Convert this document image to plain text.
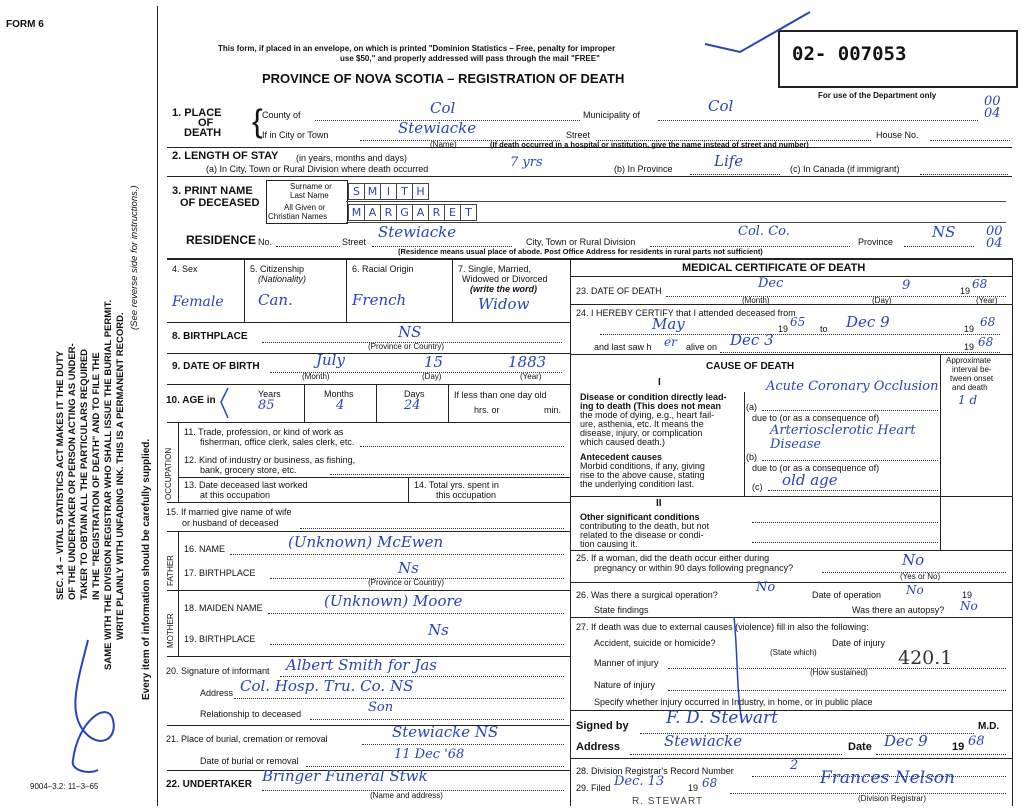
FORM 6
This form, if placed in an envelope, on which is printed "Dominion Statistics – Free, penalty for improper
use $50," and properly addressed will pass through the mail "FREE"
PROVINCE OF NOVA SCOTIA – REGISTRATION OF DEATH
02- 007053
For use of the Department only	00 04
SEC. 14 – VITAL STATISTICS ACT MAKES IT THE DUTY OF THE UNDERTAKER OR PERSON ACTING AS UNDER- TAKER TO OBTAIN ALL THE PARTICULARS REQUIRED IN THE "REGISTRATION OF DEATH" AND TO FILE THE SAME WITH THE DIVISION REGISTRAR WHO SHALL ISSUE THE BURIAL PERMIT. WRITE PLAINLY WITH UNFADING INK. THIS IS A PERMANENT RECORD.
(See reverse side for instructions.)
Every item of information should be carefully supplied.
9004–3.2: 11–3–65
1. PLACE
OF
DEATH { County of	Col	Municipality of	Col
If in City or Town	Stewiacke
(Name)
Street	House No.
(If death occurred in a hospital or institution, give the name instead of street and number)
2. LENGTH OF STAY (in years, months and days)
(a) In City, Town or Rural Division where death occurred	7 yrs	(b) In Province	Life	(c) In Canada (if immigrant)
3. PRINT NAME
OF DECEASED
Surname or
Last Name
All Given or
Christian Names
S M I	T H
M A R G A R E T
RESIDENCE No.	Street
Stewiacke
City, Town or Rural Division
Col. Co.
Province
NS 00 04
(Residence means usual place of abode. Post Office Address for residents in rural parts not sufficient)
4. Sex
Female
5. Citizenship
(Nationality)
Can.
6. Racial Origin
French
7. Single, Married,
Widowed or Divorced
(write the word)
Widow
8. BIRTHPLACE	NS
(Province or Country)
9. DATE OF BIRTH	July	15	1883
(Month)	(Day)	(Year)
10. AGE in
Years	Months	Days
85	4	24
If less than one day old
hrs. or	min.
OCCUPATION
11. Trade, profession, or kind of work as
fisherman, office clerk, sales clerk, etc.
12. Kind of industry or business, as fishing,
bank, grocery store, etc.
13. Date deceased last worked
at this occupation
14. Total yrs. spent in
this occupation
15. If married give name of wife
or husband of deceased
FATHER
16. NAME	(Unknown) McEwen
17. BIRTHPLACE	Ns
(Province or Country)
MOTHER
18. MAIDEN NAME	(Unknown) Moore
19. BIRTHPLACE	Ns
20. Signature of informant Albert Smith for Jas
Address Col. Hosp. Tru. Co. NS
Relationship to deceased	Son
21. Place of burial, cremation or removal	Stewiacke NS
Date of burial or removal	11 Dec '68
22. UNDERTAKER Bringer Funeral Stwk
(Name and address)
MEDICAL CERTIFICATE OF DEATH
23. DATE OF DEATH	Dec	9	19 68
(Month)	(Day)	(Year)
24. I HEREBY CERTIFY that I attended deceased from
May	19 65 to Dec 9	19 68
and last saw h er alive on Dec 3	19 68
CAUSE OF DEATH
I
Approximate
interval be-
tween onset
and death
Disease or condition directly lead-
ing to death (This does not mean
the mode of dying, e.g., heart fail-
ure, asthenia, etc. It means the
disease, injury, or complication
which caused death.)
(a)
Acute Coronary Occlusion
1 d
due to (or as a consequence of)
Antecedent causes
Morbid conditions, if any, giving
rise to the above cause, stating
the underlying condition last.
(b)
Arteriosclerotic Heart Disease
due to (or as a consequence of)
(c) old age
II
Other significant conditions
contributing to the death, but not
related to the disease or condi-
tion causing it.
25. If a woman, did the death occur either during
pregnancy or within 90 days following pregnancy?	No
(Yes or No)
26. Was there a surgical operation?	No	Date of operation No	19
State findings	Was there an autopsy? No
27. If death was due to external causes (violence) fill in also the following:
Accident, suicide or homicide?	Date of injury
(State which)	420.1
Manner of injury
(How sustained)
Nature of injury
Specify whether injury occurred in Industry, in home, or in public place
Signed by F. D. Stewart	M.D.
Address	Stewiacke	Date Dec 9 19 68
28. Division Registrar's Record Number	2
29. Filed Dec. 13	19 68	Frances Nelson
(Division Registrar)
R. STEWART
